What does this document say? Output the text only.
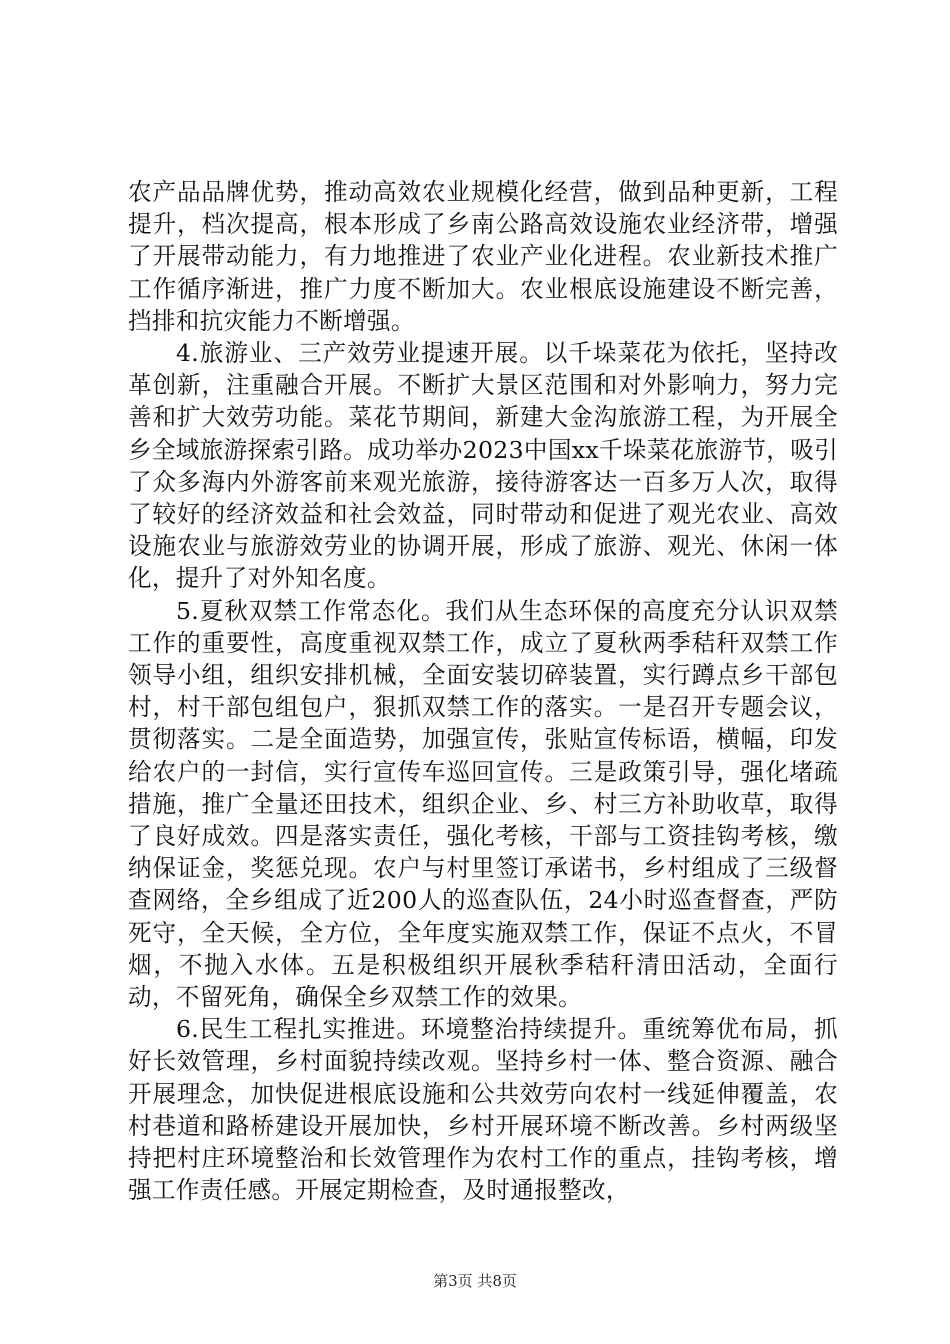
农产品品牌优势，推动高效农业规模化经营，做到品种更新，工程提升，档次提高，根本形成了乡南公路高效设施农业经济带，增强了开展带动能力，有力地推进了农业产业化进程。农业新技术推广工作循序渐进，推广力度不断加大。农业根底设施建设不断完善，挡排和抗灾能力不断增强。

4.旅游业、三产效劳业提速开展。以千垛菜花为依托，坚持改革创新，注重融合开展。不断扩大景区范围和对外影响力，努力完善和扩大效劳功能。菜花节期间，新建大金沟旅游工程，为开展全乡全域旅游探索引路。成功举办2023中国xx千垛菜花旅游节，吸引了众多海内外游客前来观光旅游，接待游客达一百多万人次，取得了较好的经济效益和社会效益，同时带动和促进了观光农业、高效设施农业与旅游效劳业的协调开展，形成了旅游、观光、休闲一体化，提升了对外知名度。

5.夏秋双禁工作常态化。我们从生态环保的高度充分认识双禁工作的重要性，高度重视双禁工作，成立了夏秋两季秸秆双禁工作领导小组，组织安排机械，全面安装切碎装置，实行蹲点乡干部包村，村干部包组包户，狠抓双禁工作的落实。一是召开专题会议，贯彻落实。二是全面造势，加强宣传，张贴宣传标语，横幅，印发给农户的一封信，实行宣传车巡回宣传。三是政策引导，强化堵疏措施，推广全量还田技术，组织企业、乡、村三方补助收草，取得了良好成效。四是落实责任，强化考核，干部与工资挂钩考核，缴纳保证金，奖惩兑现。农户与村里签订承诺书，乡村组成了三级督查网络，全乡组成了近200人的巡查队伍，24小时巡查督查，严防死守，全天候，全方位，全年度实施双禁工作，保证不点火，不冒烟，不抛入水体。五是积极组织开展秋季秸秆清田活动，全面行动，不留死角，确保全乡双禁工作的效果。

6.民生工程扎实推进。环境整治持续提升。重统筹优布局，抓好长效管理，乡村面貌持续改观。坚持乡村一体、整合资源、融合开展理念，加快促进根底设施和公共效劳向农村一线延伸覆盖，农村巷道和路桥建设开展加快，乡村开展环境不断改善。乡村两级坚持把村庄环境整治和长效管理作为农村工作的重点，挂钩考核，增强工作责任感。开展定期检查，及时通报整改，

第3页 共8页
